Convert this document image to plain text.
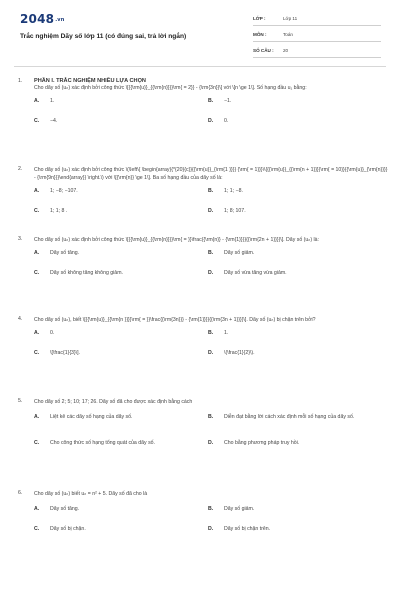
2048.vn
Trắc nghiệm Dãy số lớp 11 (có đúng sai, trả lời ngắn)
LỚP :	Lớp 11
MÔN :	Toán
SỐ CÂU :	20
1.	PHẦN I. TRẮC NGHIỆM NHIỀU LỰA CHỌN
Cho dãy số (uₙ) xác định bởi công thức \[{{\rm{u}}_{{\rm{n}}}}\rm{ = 2}} - {\rm{3n}}\] với \[n \ge 1\]. Số hạng đầu u₁ bằng:
A.	1.	B.	−1.
C.	−4.	D.	0.
2.	Cho dãy số (uₙ) xác định bởi công thức \(\left\{ \begin{array}{*{20}{c}}{{\rm{u}}_{\rm{1 }}}} {\rm{ = 1}}}\\{{{\rm{u}}_{{\rm{n + 1}}}}\rm{ = 10}}{{\rm{u}}_{\rm{n}}}} - {\rm{9n}}}\end{array}} \right.\) với \[{\rm{n}} \ge 1\]. Ba số hạng đầu của dãy số là:
A.	1; −8; −107.	B.	1; 1; −8.
C.	1; 1; 8 .	D.	1; 8; 107.
3.	Cho dãy số (uₙ) xác định bởi công thức \[{{\rm{u}}_{{\rm{n}}}}\rm{ = }}\frac{{\rm{n}} - {\rm{1}}}}{{\rm{2n + 1}}}}\]. Dãy số (uₙ) là:
A.	Dãy số tăng.	B.	Dãy số giảm.
C.	Dãy số không tăng không giảm.	D.	Dãy số vừa tăng vừa giảm.
4.	Cho dãy số (uₙ), biết \[{{\rm{u}}_{{\rm{n }}}}\rm{ = }}\frac{{\rm{3n}}} - {\rm{1}}}}{{\rm{3n + 1}}}}\]. Dãy số (uₙ) bị chặn trên bởi?
A.	0.	B.	1.
C.	\[\frac{1}{3}\].	D.	\(\frac{1}{2}\).
5.	Cho dãy số 2; 5; 10; 17; 26. Dãy số đã cho được xác định bằng cách
A.	Liệt kê các dãy số hạng của dãy số.	B.	Diễn đạt bằng lời cách xác định mỗi số hạng của dãy số.
C.	Cho công thức số hạng tổng quát của dãy số.	D.	Cho bằng phương pháp truy hồi.
6.	Cho dãy số (uₙ) biết uₙ = n² + 5. Dãy số đã cho là
A.	Dãy số tăng.	B.	Dãy số giảm.
C.	Dãy số bị chặn.	D.	Dãy số bị chặn trên.
